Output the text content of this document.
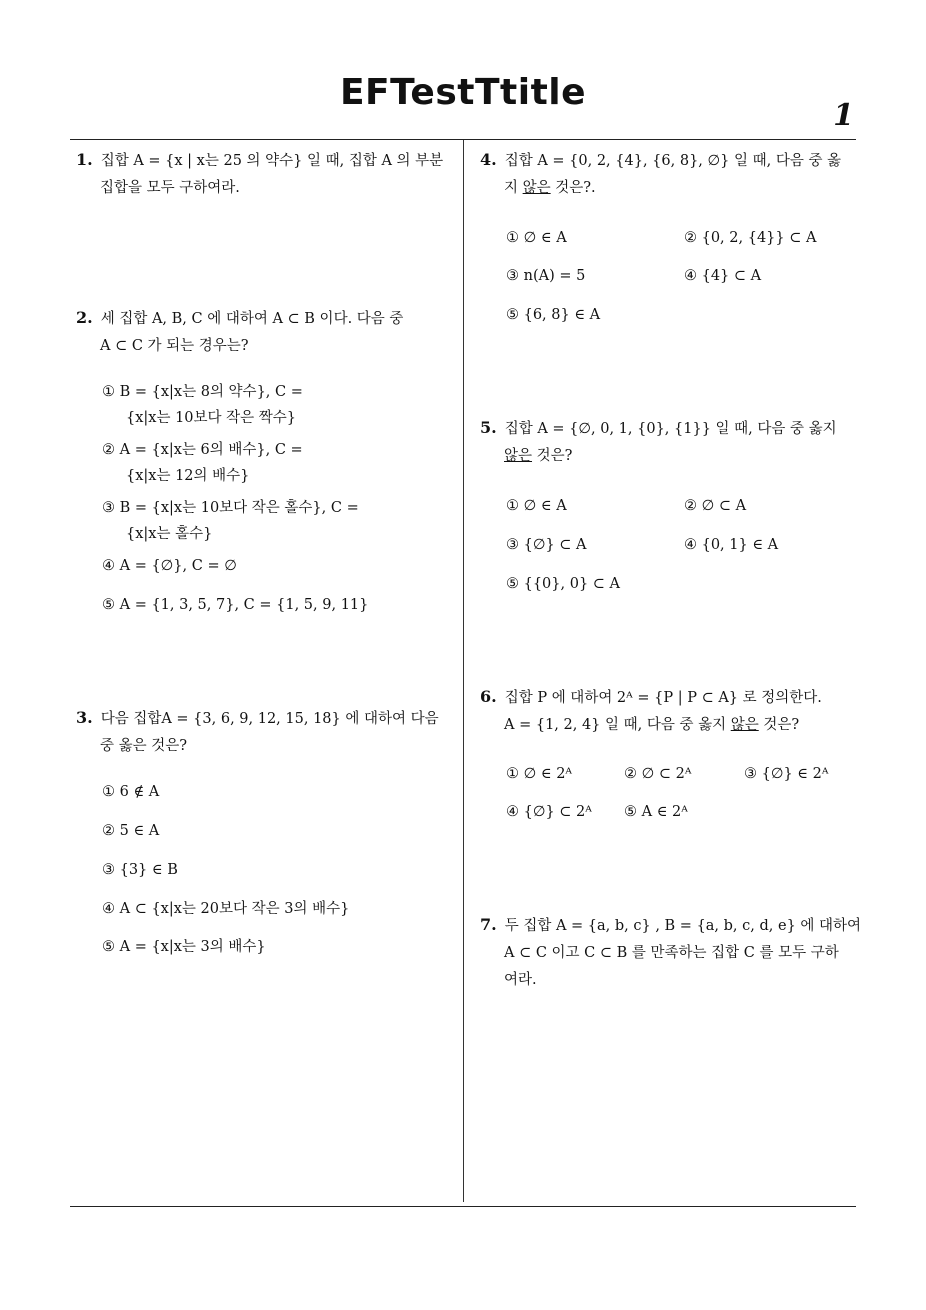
EFTestTtitle
1
1. 집합 A = {x | x는 25 의 약수} 일 때, 집합 A 의 부분
집합을 모두 구하여라.
2. 세 집합 A, B, C 에 대하여 A ⊂ B 이다. 다음 중
A ⊂ C 가 되는 경우는?
① B = {x|x는 8의 약수}, C =
{x|x는 10보다 작은 짝수}
② A = {x|x는 6의 배수}, C =
{x|x는 12의 배수}
③ B = {x|x는 10보다 작은 홀수}, C =
{x|x는 홀수}
④ A = {∅}, C = ∅
⑤ A = {1, 3, 5, 7}, C = {1, 5, 9, 11}
3. 다음 집합A = {3, 6, 9, 12, 15, 18} 에 대하여 다음
중 옳은 것은?
① 6 ∉ A
② 5 ∈ A
③ {3} ∈ B
④ A ⊂ {x|x는 20보다 작은 3의 배수}
⑤ A = {x|x는 3의 배수}
4. 집합 A = {0, 2, {4}, {6, 8}, ∅} 일 때, 다음 중 옳
지 않은 것은?.
① ∅ ∈ A	② {0, 2, {4}} ⊂ A
③ n(A) = 5	④ {4} ⊂ A
⑤ {6, 8} ∈ A
5. 집합 A = {∅, 0, 1, {0}, {1}} 일 때, 다음 중 옳지
않은 것은?
① ∅ ∈ A	② ∅ ⊂ A
③ {∅} ⊂ A	④ {0, 1} ∈ A
⑤ {{0}, 0} ⊂ A
6. 집합 P 에 대하여 2ᴬ = {P | P ⊂ A} 로 정의한다.
A = {1, 2, 4} 일 때, 다음 중 옳지 않은 것은?
① ∅ ∈ 2ᴬ	② ∅ ⊂ 2ᴬ	③ {∅} ∈ 2ᴬ
④ {∅} ⊂ 2ᴬ ⑤ A ∈ 2ᴬ
7. 두 집합 A = {a, b, c} , B = {a, b, c, d, e} 에 대하여
A ⊂ C 이고 C ⊂ B 를 만족하는 집합 C 를 모두 구하
여라.
